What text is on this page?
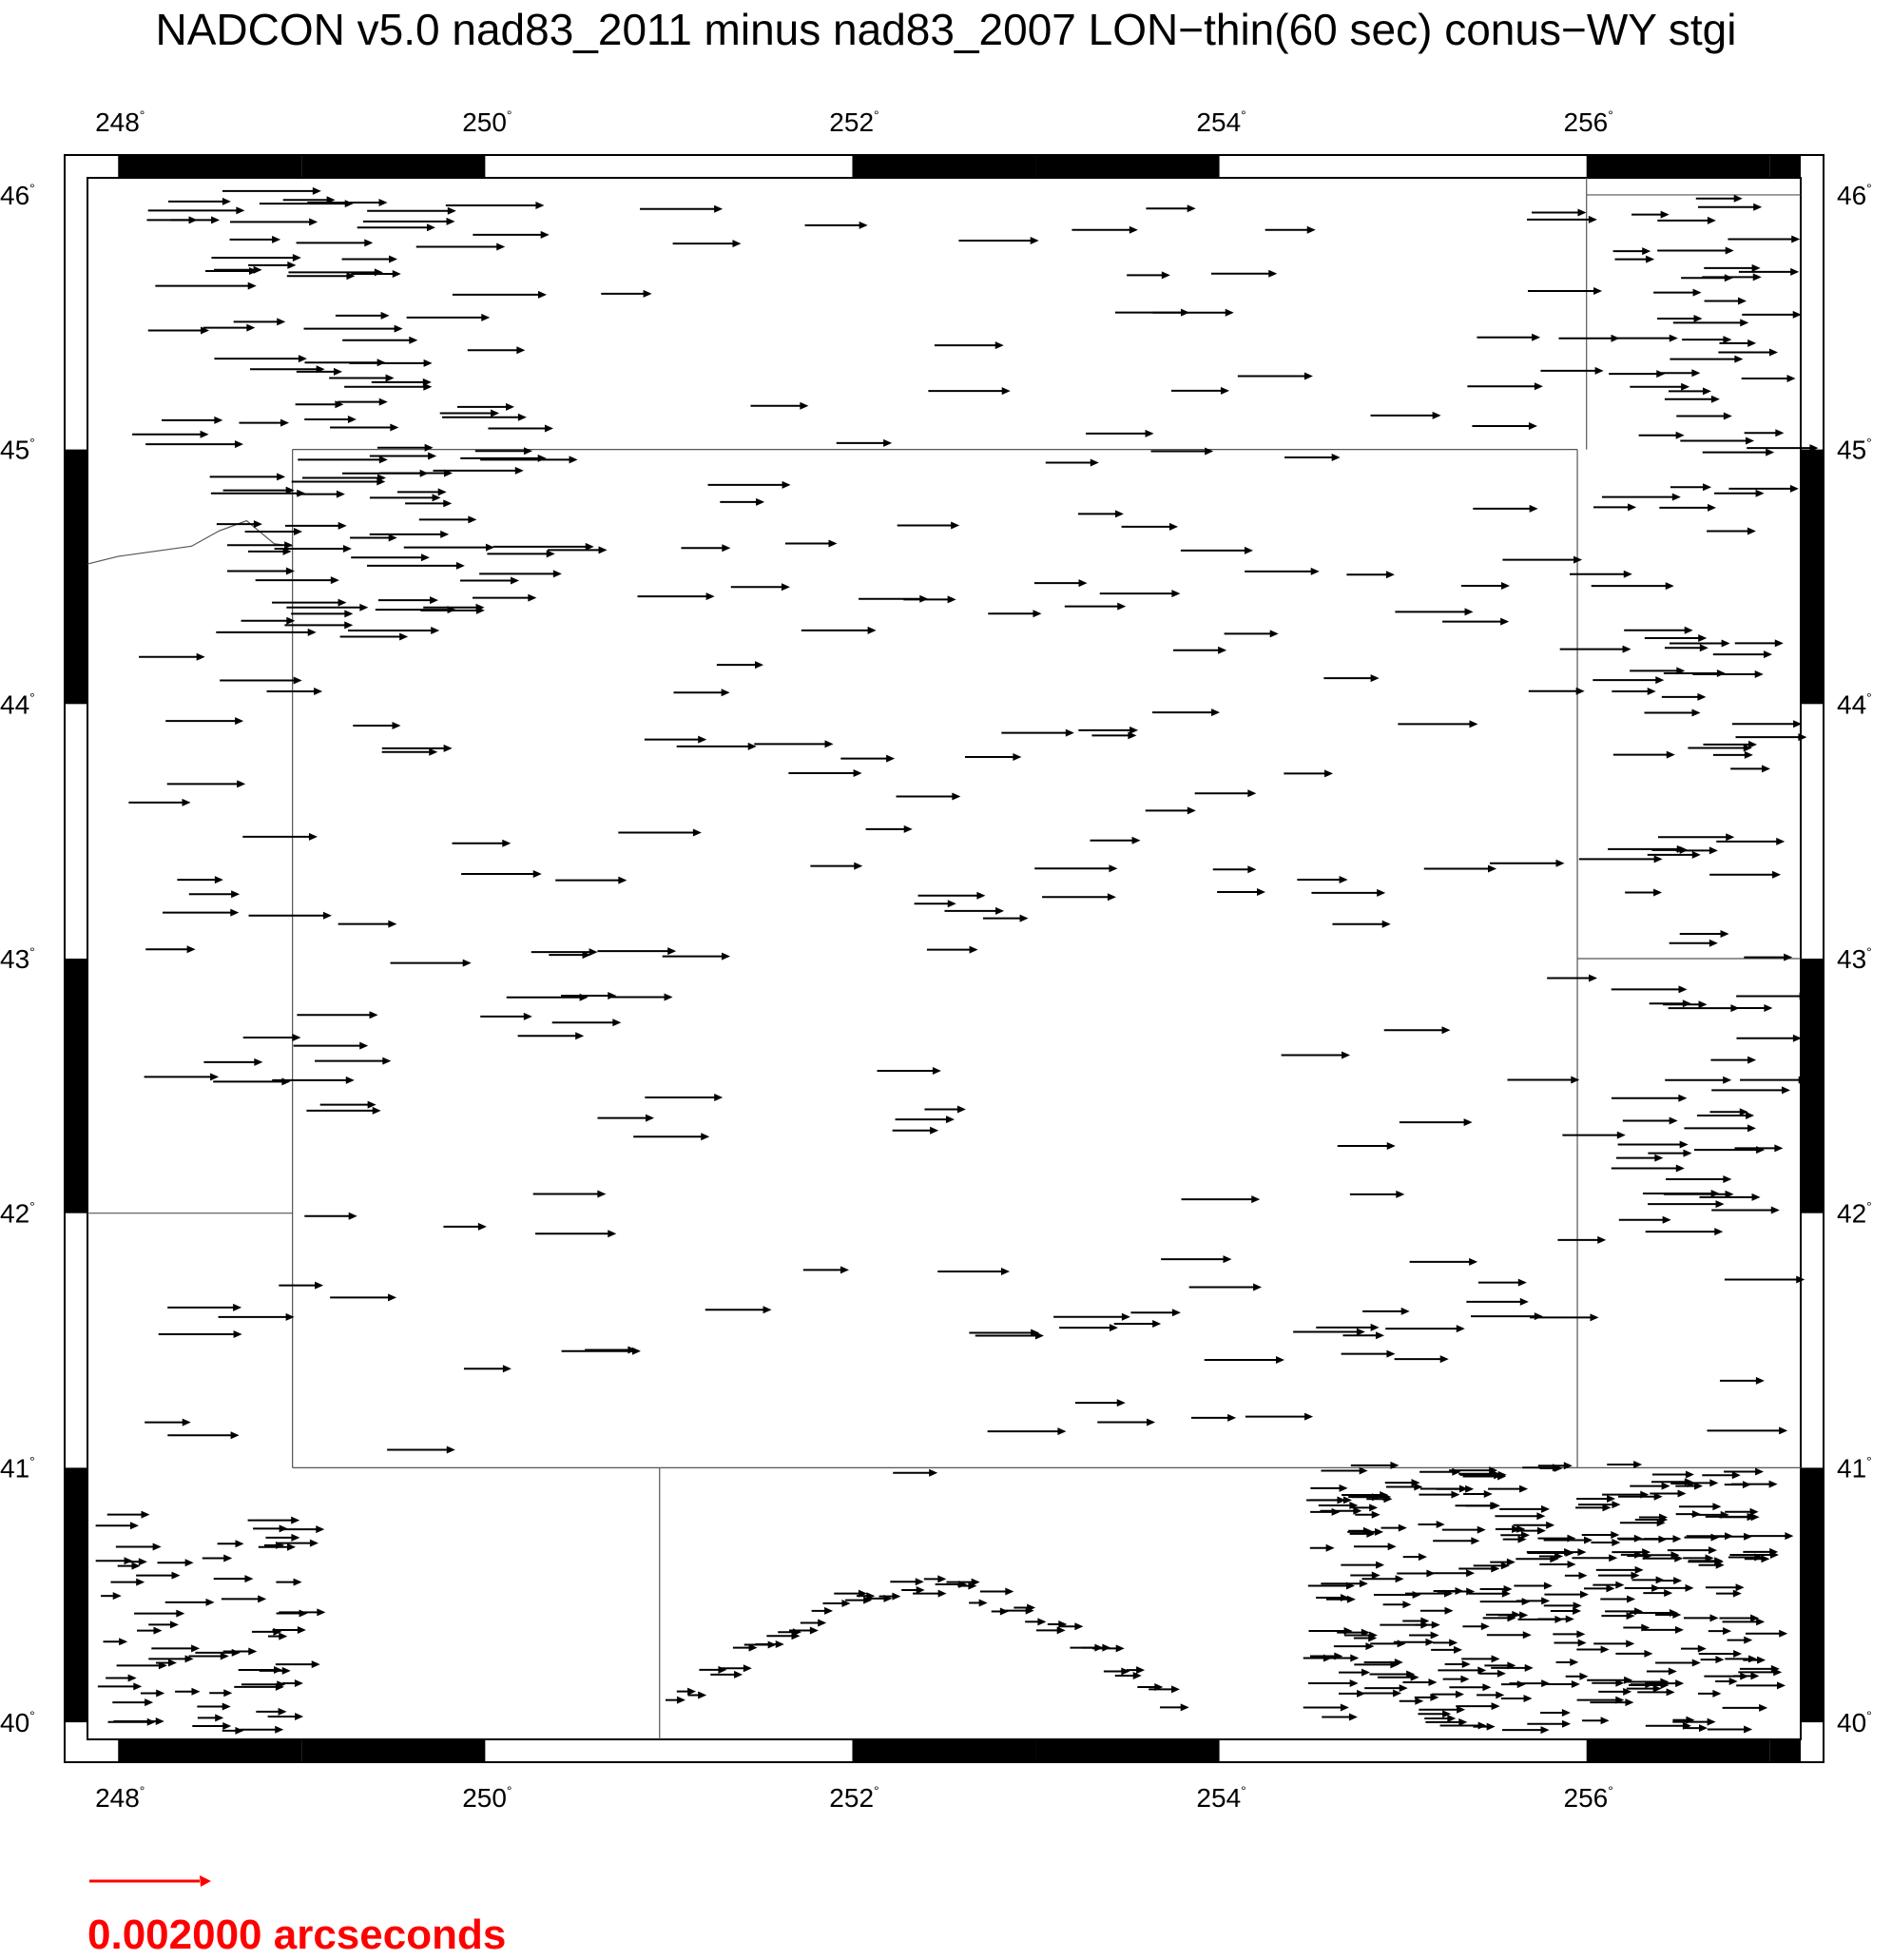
NADCON v5.0 nad83_2011 minus nad83_2007 LON−thin(60 sec) conus−WY stgi
248°	250°	252°	254°	256°
248°	250°	252°	254°	256°
46°
45°
44°
43°
42°
41°
40°
46°
45°
44°
43°
42°
41°
40°
0.002000 arcseconds
